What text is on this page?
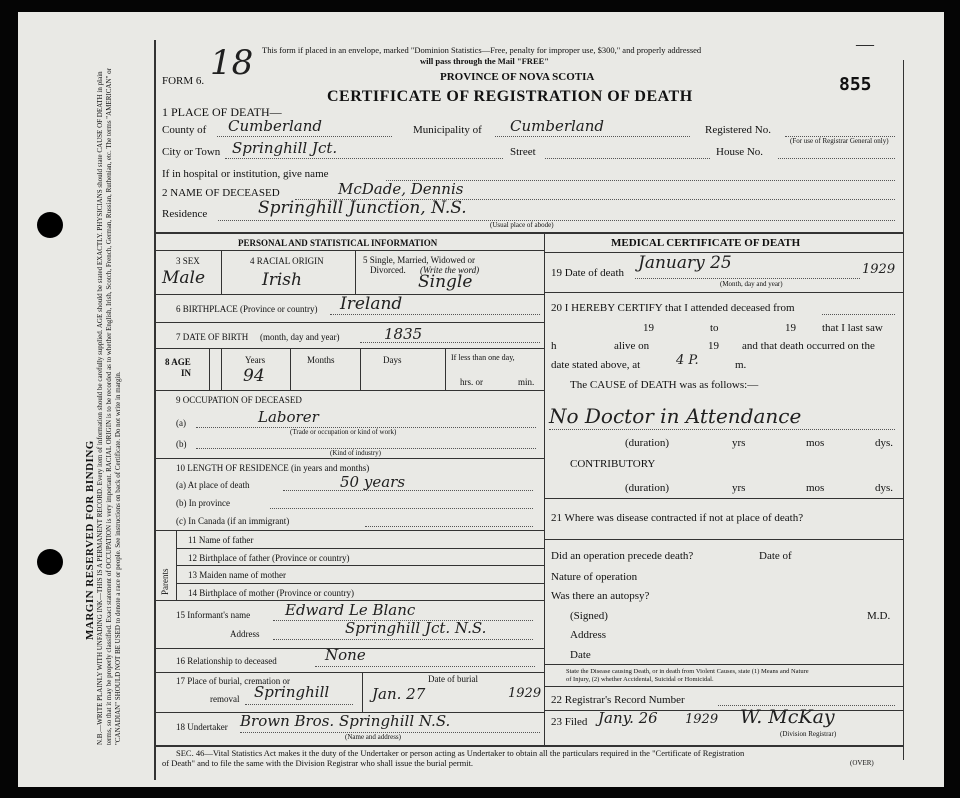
MARGIN RESERVED FOR BINDING N.B.—WRITE PLAINLY WITH UNFADING INK—THIS IS A PERMANENT RECORD. Every item of information should be carefully supplied. AGE should be stated EXACTLY. PHYSICIANS should state CAUSE OF DEATH in plain terms, so that it may be properly classified. Exact statement of OCCUPATION is very important. RACIAL ORIGIN is to be recorded as to whether English, Irish, Scotch, French, German, Russian, Ruthenian, etc. The terms "AMERICAN" or "CANADIAN" SHOULD NOT BE USED to denote a race or people. See instructions on back of Certificate. Do not write in margin.
This form if placed in an envelope, marked "Dominion Statistics—Free, penalty for improper use, $300," and properly addressed
will pass through the Mail "FREE"
FORM 6. 18	PROVINCE OF NOVA SCOTIA
CERTIFICATE OF REGISTRATION OF DEATH
855
—
1 PLACE OF DEATH—
County of Cumberland	Municipality of Cumberland	Registered No.
(For use of Registrar General only)
City or Town Springhill Jct.	Street	House No.
If in hospital or institution, give name
2 NAME OF DECEASED	McDade, Dennis
Residence	Springhill Junction, N.S.
(Usual place of abode)
PERSONAL AND STATISTICAL INFORMATION
3 SEX
Male
4 RACIAL ORIGIN
Irish
5 Single, Married, Widowed or
Divorced. (Write the word)
Single
6 BIRTHPLACE (Province or country) Ireland
7 DATE OF BIRTH (month, day and year)	1835
8 AGE
IN
Years	Months	Days
94
If less than one day,
hrs. or	min.
9 OCCUPATION OF DECEASED
(a)	Laborer
(Trade or occupation or kind of work)
(b)
(Kind of industry)
10 LENGTH OF RESIDENCE (in years and months)
(a) At place of death	50 years
(b) In province
(c) In Canada (if an immigrant)
Parents
11 Name of father
12 Birthplace of father (Province or country)
13 Maiden name of mother
14 Birthplace of mother (Province or country)
15 Informant's name Edward Le Blanc
Address	Springhill Jct. N.S.
16 Relationship to deceased	None
17 Place of burial, cremation or
removal Springhill
Date of burial
Jan. 27	1929
18 Undertaker Brown Bros. Springhill N.S.
(Name and address)
MEDICAL CERTIFICATE OF DEATH
19 Date of death January 25	1929
(Month, day and year)
20 I HEREBY CERTIFY that I attended deceased from
19	to	19 that I last saw
h	alive on	19 and that death occurred on the
date stated above, at	4 P.	m.
The CAUSE of DEATH was as follows:—
No Doctor in Attendance
(duration)	yrs	mos	dys.
CONTRIBUTORY
(duration)	yrs	mos	dys.
21 Where was disease contracted if not at place of death?
Did an operation precede death?	Date of
Nature of operation
Was there an autopsy?
(Signed)	M.D.
Address
Date
State the Disease causing Death, or in death from Violent Causes, state (1) Means and Nature
of Injury, (2) whether Accidental, Suicidal or Homicidal.
22 Registrar's Record Number
23 Filed Jany. 26 1929 W. McKay
(Division Registrar)
SEC. 46—Vital Statistics Act makes it the duty of the Undertaker or person acting as Undertaker to obtain all the particulars required in the "Certificate of Registration
of Death" and to file the same with the Division Registrar who shall issue the burial permit.	(OVER)
